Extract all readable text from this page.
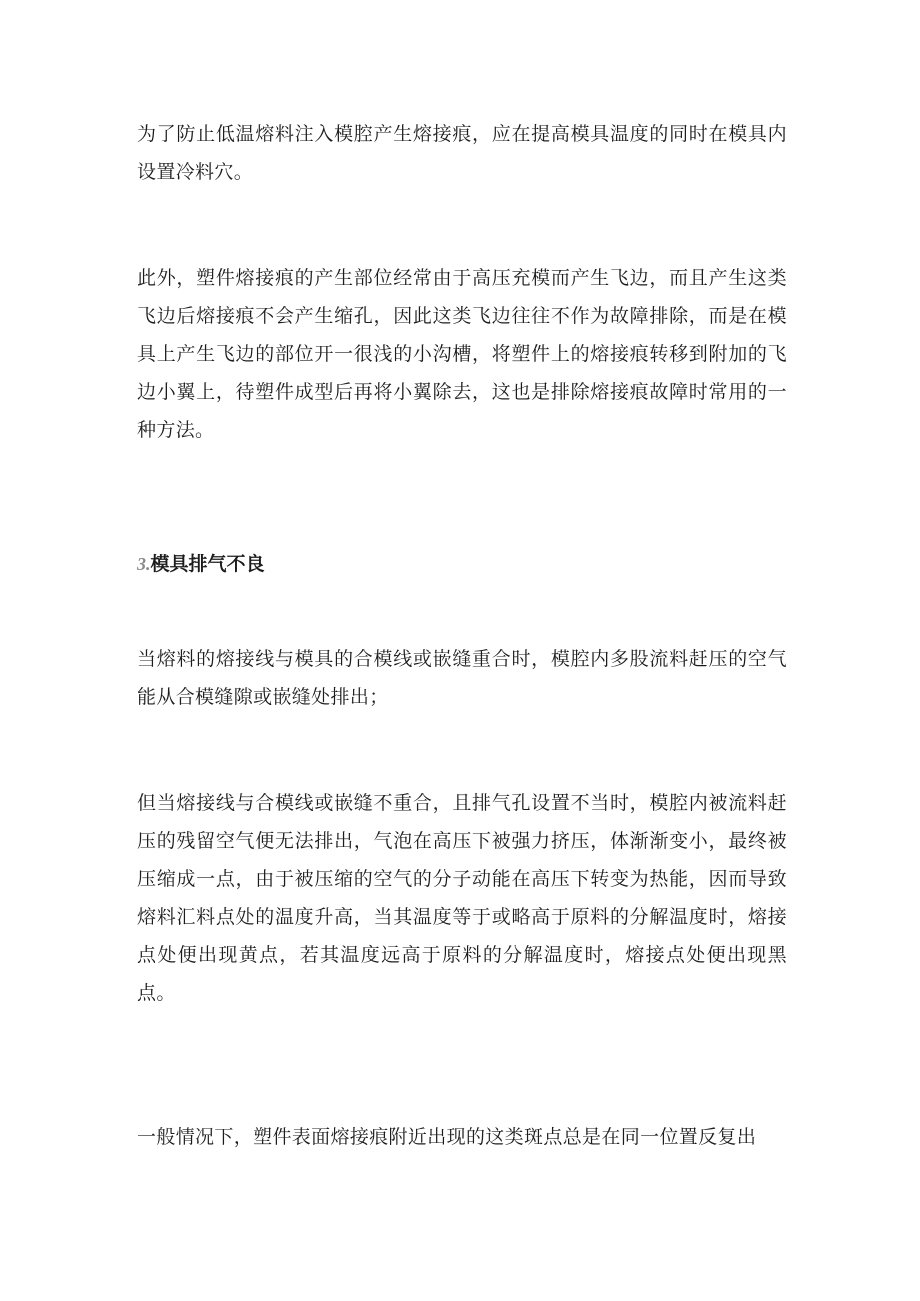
为了防止低温熔料注入模腔产生熔接痕，应在提高模具温度的同时在模具内设置冷料穴。

此外，塑件熔接痕的产生部位经常由于高压充模而产生飞边，而且产生这类飞边后熔接痕不会产生缩孔，因此这类飞边往往不作为故障排除，而是在模具上产生飞边的部位开一很浅的小沟槽，将塑件上的熔接痕转移到附加的飞边小翼上，待塑件成型后再将小翼除去，这也是排除熔接痕故障时常用的一种方法。

3.模具排气不良

当熔料的熔接线与模具的合模线或嵌缝重合时，模腔内多股流料赶压的空气能从合模缝隙或嵌缝处排出；

但当熔接线与合模线或嵌缝不重合，且排气孔设置不当时，模腔内被流料赶压的残留空气便无法排出，气泡在高压下被强力挤压，体渐渐变小，最终被压缩成一点，由于被压缩的空气的分子动能在高压下转变为热能，因而导致熔料汇料点处的温度升高，当其温度等于或略高于原料的分解温度时，熔接点处便出现黄点，若其温度远高于原料的分解温度时，熔接点处便出现黑点。

一般情况下，塑件表面熔接痕附近出现的这类斑点总是在同一位置反复出
